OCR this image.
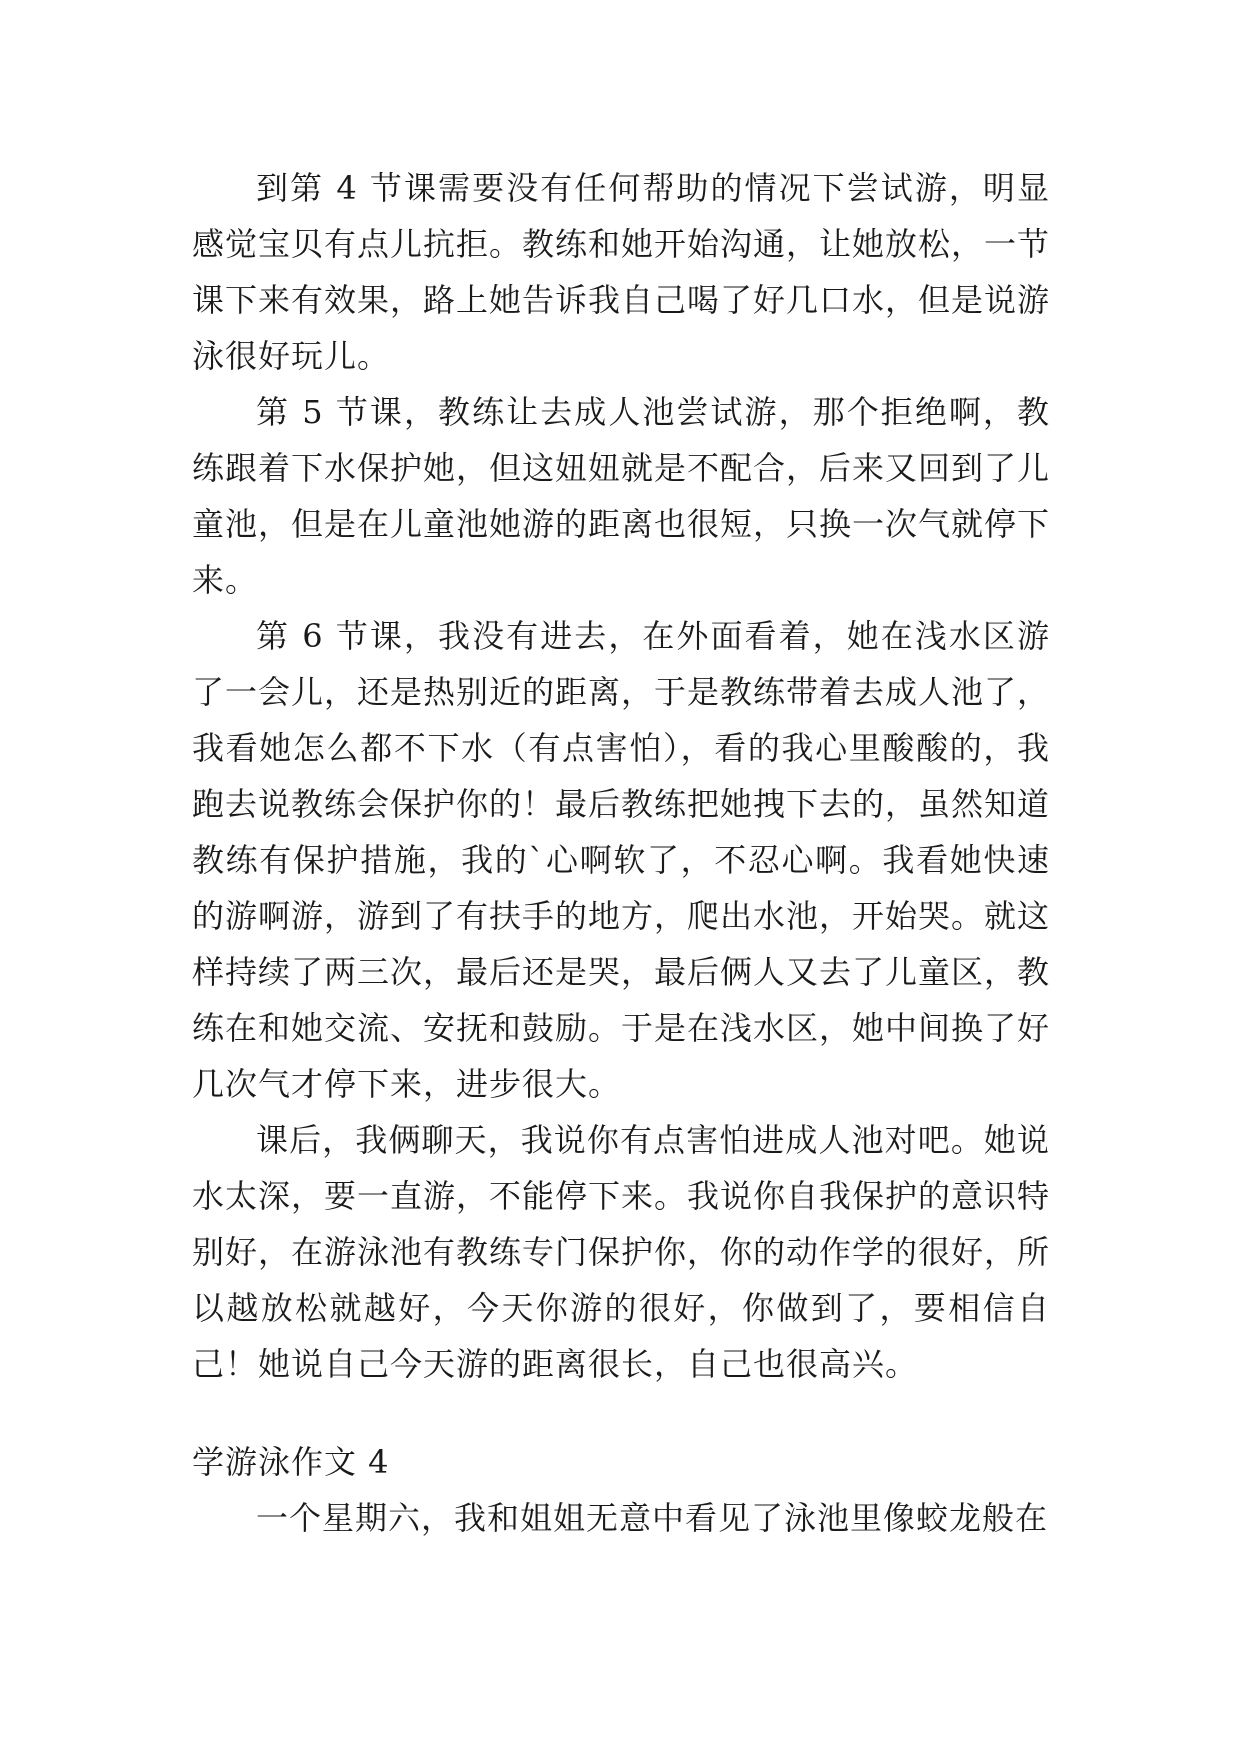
到第 4 节课需要没有任何帮助的情况下尝试游，明显感觉宝贝有点儿抗拒。教练和她开始沟通，让她放松，一节课下来有效果，路上她告诉我自己喝了好几口水，但是说游泳很好玩儿。

第 5 节课，教练让去成人池尝试游，那个拒绝啊，教练跟着下水保护她，但这妞妞就是不配合，后来又回到了儿童池，但是在儿童池她游的距离也很短，只换一次气就停下来。

第 6 节课，我没有进去，在外面看着，她在浅水区游了一会儿，还是热别近的距离，于是教练带着去成人池了，我看她怎么都不下水（有点害怕），看的我心里酸酸的，我跑去说教练会保护你的！最后教练把她拽下去的，虽然知道教练有保护措施，我的`心啊软了，不忍心啊。我看她快速的游啊游，游到了有扶手的地方，爬出水池，开始哭。就这样持续了两三次，最后还是哭，最后俩人又去了儿童区，教练在和她交流、安抚和鼓励。于是在浅水区，她中间换了好几次气才停下来，进步很大。

课后，我俩聊天，我说你有点害怕进成人池对吧。她说水太深，要一直游，不能停下来。我说你自我保护的意识特别好，在游泳池有教练专门保护你，你的动作学的很好，所以越放松就越好，今天你游的很好，你做到了，要相信自己！她说自己今天游的距离很长，自己也很高兴。

学游泳作文 4

一个星期六，我和姐姐无意中看见了泳池里像蛟龙般在
